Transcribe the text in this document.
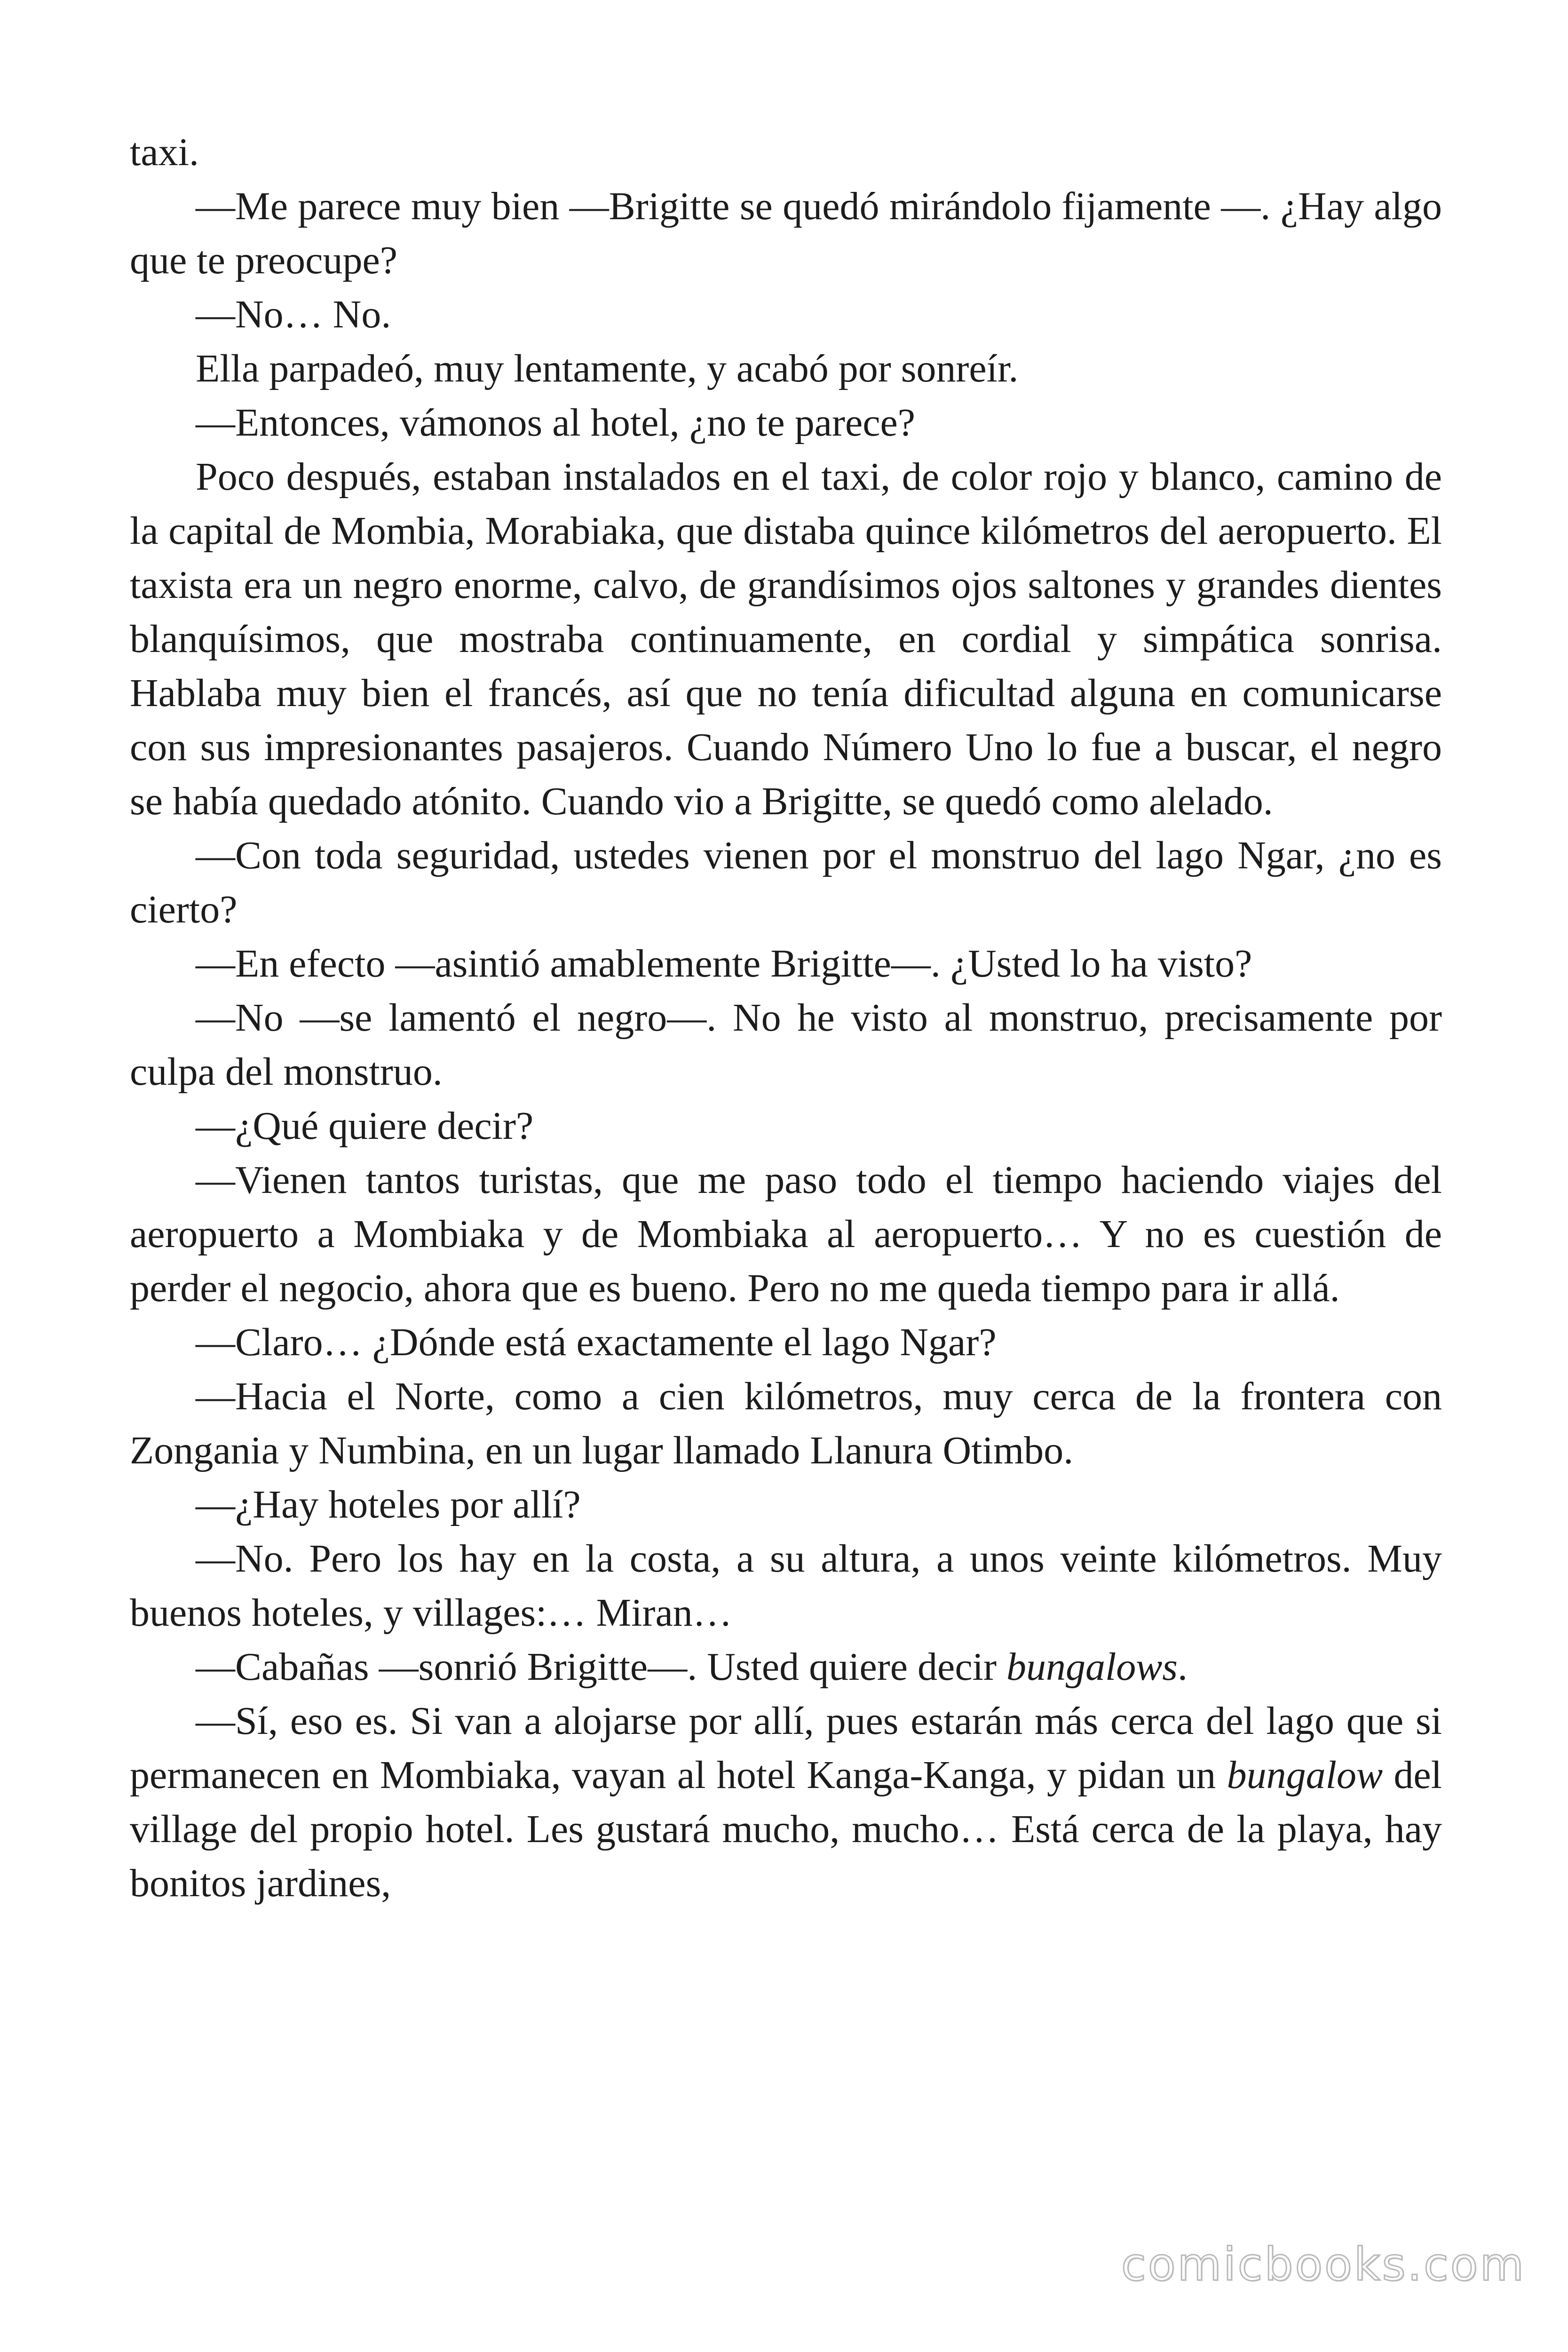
taxi.

—Me parece muy bien —Brigitte se quedó mirándolo fijamente —. ¿Hay algo que te preocupe?

—No… No.

Ella parpadeó, muy lentamente, y acabó por sonreír.

—Entonces, vámonos al hotel, ¿no te parece?

Poco después, estaban instalados en el taxi, de color rojo y blanco, camino de la capital de Mombia, Morabiaka, que distaba quince kilómetros del aeropuerto. El taxista era un negro enorme, calvo, de grandísimos ojos saltones y grandes dientes blanquísimos, que mostraba continuamente, en cordial y simpática sonrisa. Hablaba muy bien el francés, así que no tenía dificultad alguna en comunicarse con sus impresionantes pasajeros. Cuando Número Uno lo fue a buscar, el negro se había quedado atónito. Cuando vio a Brigitte, se quedó como alelado.

—Con toda seguridad, ustedes vienen por el monstruo del lago Ngar, ¿no es cierto?

—En efecto —asintió amablemente Brigitte—. ¿Usted lo ha visto?

—No —se lamentó el negro—. No he visto al monstruo, precisamente por culpa del monstruo.

—¿Qué quiere decir?

—Vienen tantos turistas, que me paso todo el tiempo haciendo viajes del aeropuerto a Mombiaka y de Mombiaka al aeropuerto… Y no es cuestión de perder el negocio, ahora que es bueno. Pero no me queda tiempo para ir allá.

—Claro… ¿Dónde está exactamente el lago Ngar?

—Hacia el Norte, como a cien kilómetros, muy cerca de la frontera con Zongania y Numbina, en un lugar llamado Llanura Otimbo.

—¿Hay hoteles por allí?

—No. Pero los hay en la costa, a su altura, a unos veinte kilómetros. Muy buenos hoteles, y villages:… Miran…

—Cabañas —sonrió Brigitte—. Usted quiere decir bungalows.

—Sí, eso es. Si van a alojarse por allí, pues estarán más cerca del lago que si permanecen en Mombiaka, vayan al hotel Kanga-Kanga, y pidan un bungalow del village del propio hotel. Les gustará mucho, mucho… Está cerca de la playa, hay bonitos jardines,

comicbooks.com
